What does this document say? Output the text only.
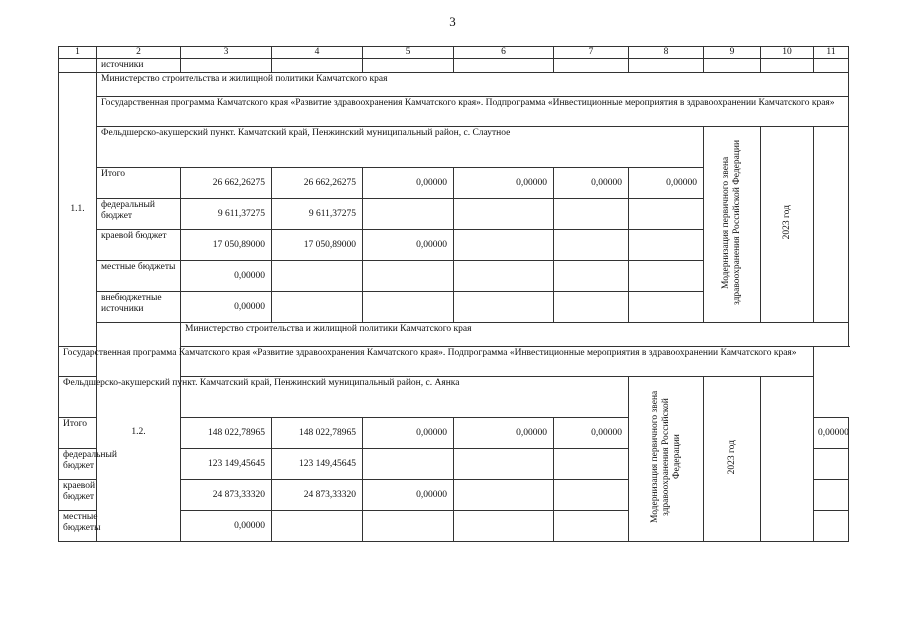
3
1	2	3	4	5	6	7	8	9	10	11
	источники									
1.1.	Министерство строительства и жилищной политики Камчатского края									
	Государственная программа Камчатского края «Развитие здравоохранения Камчатского края». Подпрограмма «Инвестиционные мероприятия в здравоохранении Камчатского края»									
	Фельдшерско-акушерский пункт. Камчатский край, Пенжинский муниципальный район, с. Слаутное							Модернизация первичного звена здравоохранения Российской Федерации	2023 год	
	Итого	26 662,26275	26 662,26275	0,00000	0,00000	0,00000	0,00000			
	федеральный бюджет	9 611,37275	9 611,37275							
	краевой бюджет	17 050,89000	17 050,89000	0,00000						
	местные бюджеты	0,00000								
	внебюджетные источники	0,00000								
	1.2.	Министерство строительства и жилищной политики Камчатского края								
Государственная программа Камчатского края «Развитие здравоохранения Камчатского края». Подпрограмма «Инвестиционные мероприятия в здравоохранении Камчатского края»										
Фельдшерско-акушерский пункт. Камчатский край, Пенжинский муниципальный район, с. Аянка							Модернизация первичного звена здравоохранения Российской Федерации	2023 год		
Итого		148 022,78965	148 022,78965	0,00000	0,00000	0,00000				0,00000
федеральный бюджет		123 149,45645	123 149,45645							
краевой бюджет		24 873,33320	24 873,33320	0,00000						
местные бюджеты		0,00000								
